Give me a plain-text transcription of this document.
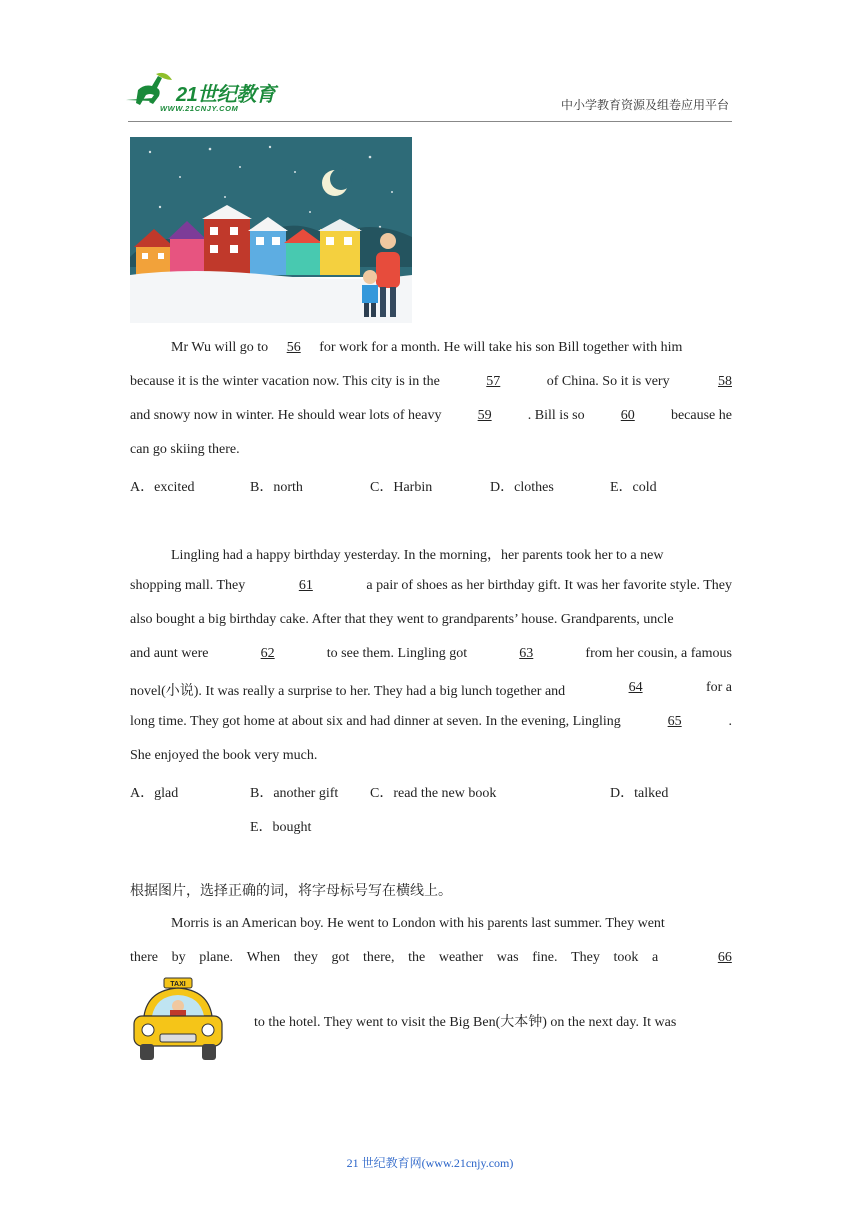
21世纪教育
WWW.21CNJY.COM	中小学教育资源及组卷应用平台
Mr Wu will go to 56 for work for a month. He will take his son Bill together with him
because it is the winter vacation now. This city is in the	57	of China. So it is very	58
and snowy now in winter. He should wear lots of heavy	59	. Bill is so	60	because he
can go skiing there.
A．excited	B．north	C．Harbin	D．clothes	E．cold
Lingling had a happy birthday yesterday. In the morning，her parents took her to a new
shopping mall. They	61	a pair of shoes as her birthday gift. It was her favorite style. They
also bought a big birthday cake. After that they went to grandparents’ house. Grandparents, uncle
and aunt were	62	to see them. Lingling got	63	from her cousin, a famous
novel(小说). It was really a surprise to her. They had a big lunch together and	64	for a
long time. They got home at about six and had dinner at seven. In the evening, Lingling	65	.
She enjoyed the book very much.
A．glad	B．another gift C．read the new book	D．talked
E．bought
根据图片，选择正确的词，将字母标号写在横线上。
Morris is an American boy. He went to London with his parents last summer. They went
there by plane. When they got there, the weather was fine. They took a	66
TAXI
to the hotel. They went to visit the Big Ben(大本钟) on the next day. It was
21 世纪教育网(www.21cnjy.com)
